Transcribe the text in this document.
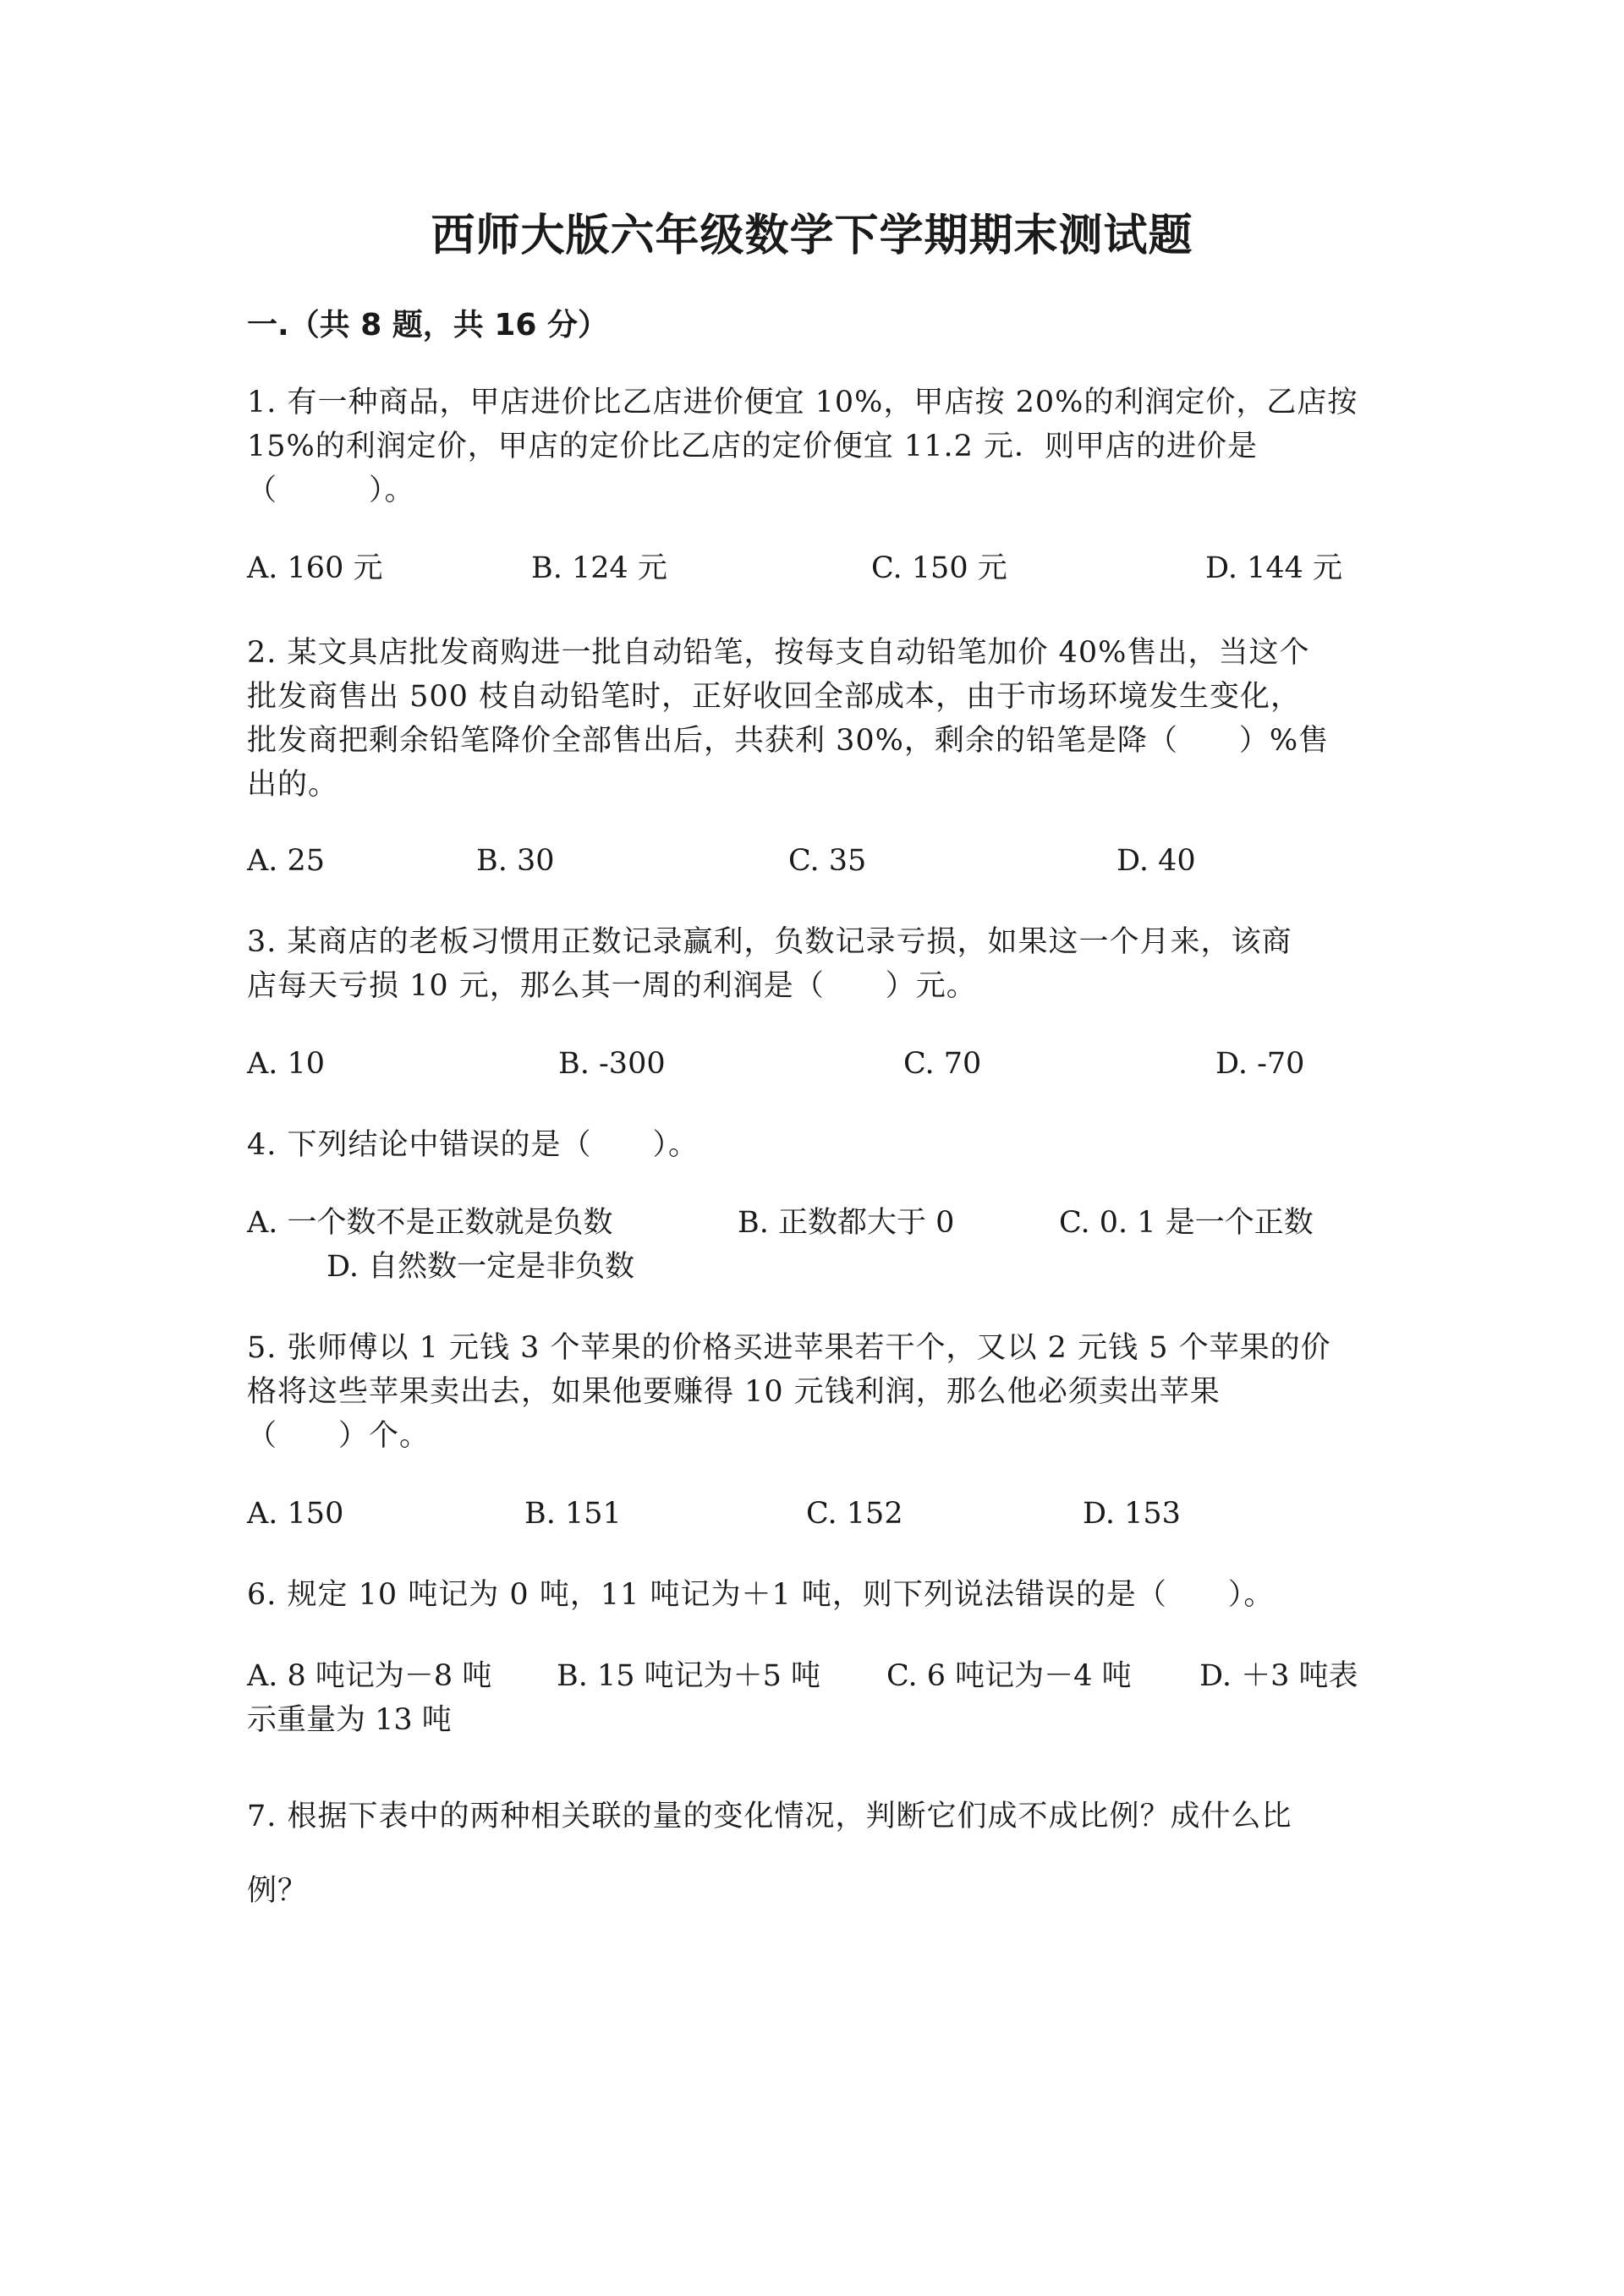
西师大版六年级数学下学期期末测试题
一.（共 8 题，共 16 分）
1. 有一种商品，甲店进价比乙店进价便宜 10%，甲店按 20%的利润定价，乙店按
15%的利润定价，甲店的定价比乙店的定价便宜 11.2 元．则甲店的进价是
（　　　）。
A. 160 元	B. 124 元	C. 150 元	D. 144 元
2. 某文具店批发商购进一批自动铅笔，按每支自动铅笔加价 40%售出，当这个
批发商售出 500 枝自动铅笔时，正好收回全部成本，由于市场环境发生变化，
批发商把剩余铅笔降价全部售出后，共获利 30%，剩余的铅笔是降（　　）%售
出的。
A. 25	B. 30	C. 35	D. 40
3. 某商店的老板习惯用正数记录赢利，负数记录亏损，如果这一个月来，该商
店每天亏损 10 元，那么其一周的利润是（　　）元。
A. 10	B. -300	C. 70	D. -70
4. 下列结论中错误的是（　　）。
A. 一个数不是正数就是负数	B. 正数都大于 0	C. 0. 1 是一个正数
D. 自然数一定是非负数
5. 张师傅以 1 元钱 3 个苹果的价格买进苹果若干个，又以 2 元钱 5 个苹果的价
格将这些苹果卖出去，如果他要赚得 10 元钱利润，那么他必须卖出苹果
（　　）个。
A. 150	B. 151	C. 152	D. 153
6. 规定 10 吨记为 0 吨，11 吨记为＋1 吨，则下列说法错误的是（　　）。
A. 8 吨记为－8 吨 B. 15 吨记为＋5 吨 C. 6 吨记为－4 吨 D. ＋3 吨表
示重量为 13 吨
7. 根据下表中的两种相关联的量的变化情况，判断它们成不成比例？成什么比
例？
